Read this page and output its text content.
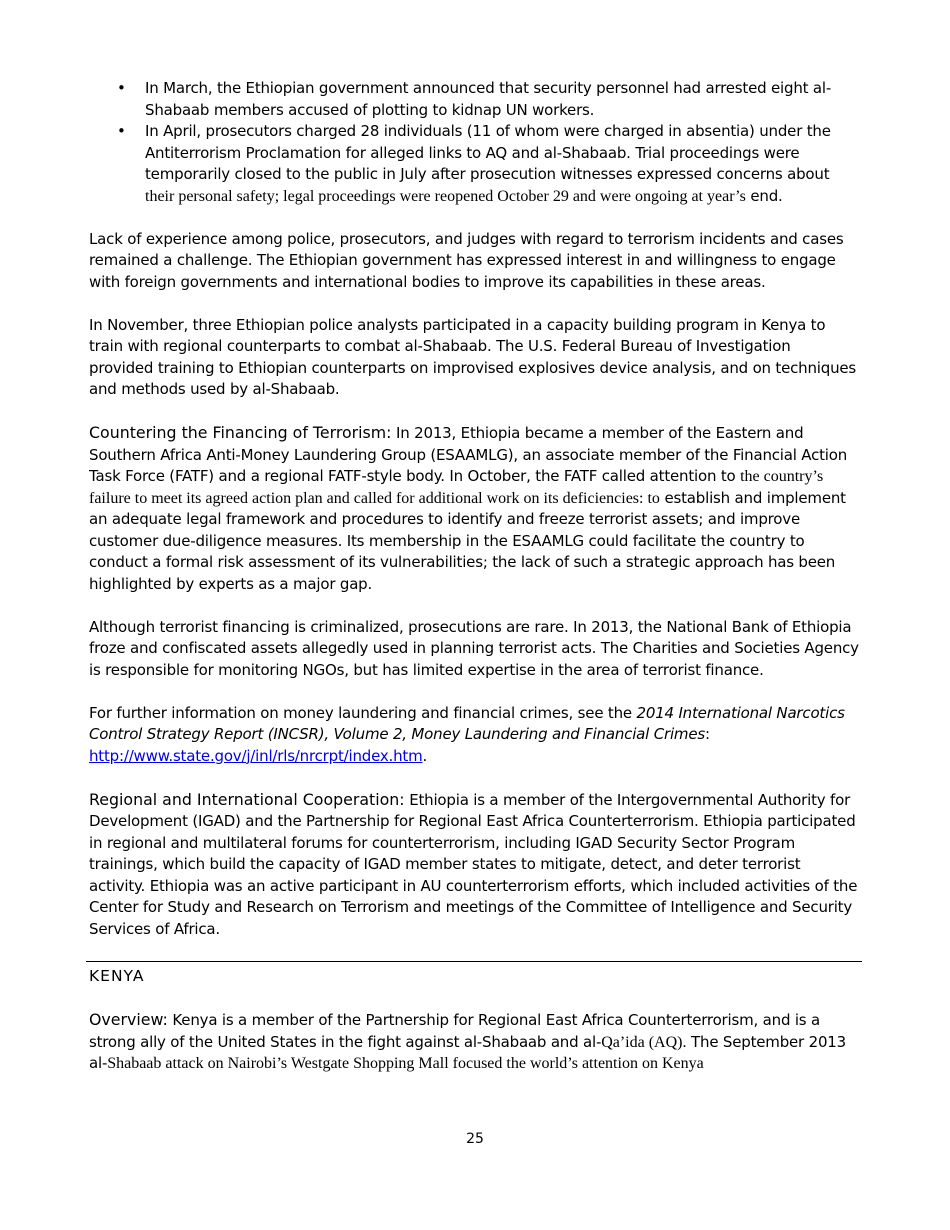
• In March, the Ethiopian government announced that security personnel had arrested eight al-Shabaab members accused of plotting to kidnap UN workers.
• In April, prosecutors charged 28 individuals (11 of whom were charged in absentia) under the Antiterrorism Proclamation for alleged links to AQ and al-Shabaab. Trial proceedings were temporarily closed to the public in July after prosecution witnesses expressed concerns about their personal safety; legal proceedings were reopened October 29 and were ongoing at year’s end.

Lack of experience among police, prosecutors, and judges with regard to terrorism incidents and cases remained a challenge. The Ethiopian government has expressed interest in and willingness to engage with foreign governments and international bodies to improve its capabilities in these areas.

In November, three Ethiopian police analysts participated in a capacity building program in Kenya to train with regional counterparts to combat al-Shabaab. The U.S. Federal Bureau of Investigation provided training to Ethiopian counterparts on improvised explosives device analysis, and on techniques and methods used by al-Shabaab.

Countering the Financing of Terrorism: In 2013, Ethiopia became a member of the Eastern and Southern Africa Anti-Money Laundering Group (ESAAMLG), an associate member of the Financial Action Task Force (FATF) and a regional FATF-style body. In October, the FATF called attention to the country’s failure to meet its agreed action plan and called for additional work on its deficiencies: to establish and implement an adequate legal framework and procedures to identify and freeze terrorist assets; and improve customer due-diligence measures. Its membership in the ESAAMLG could facilitate the country to conduct a formal risk assessment of its vulnerabilities; the lack of such a strategic approach has been highlighted by experts as a major gap.

Although terrorist financing is criminalized, prosecutions are rare. In 2013, the National Bank of Ethiopia froze and confiscated assets allegedly used in planning terrorist acts. The Charities and Societies Agency is responsible for monitoring NGOs, but has limited expertise in the area of terrorist finance.

For further information on money laundering and financial crimes, see the 2014 International Narcotics Control Strategy Report (INCSR), Volume 2, Money Laundering and Financial Crimes: http://www.state.gov/j/inl/rls/nrcrpt/index.htm.

Regional and International Cooperation: Ethiopia is a member of the Intergovernmental Authority for Development (IGAD) and the Partnership for Regional East Africa Counterterrorism. Ethiopia participated in regional and multilateral forums for counterterrorism, including IGAD Security Sector Program trainings, which build the capacity of IGAD member states to mitigate, detect, and deter terrorist activity. Ethiopia was an active participant in AU counterterrorism efforts, which included activities of the Center for Study and Research on Terrorism and meetings of the Committee of Intelligence and Security Services of Africa.

KENYA

Overview: Kenya is a member of the Partnership for Regional East Africa Counterterrorism, and is a strong ally of the United States in the fight against al-Shabaab and al-Qa’ida (AQ). The September 2013 al-Shabaab attack on Nairobi’s Westgate Shopping Mall focused the world’s attention on Kenya

25
